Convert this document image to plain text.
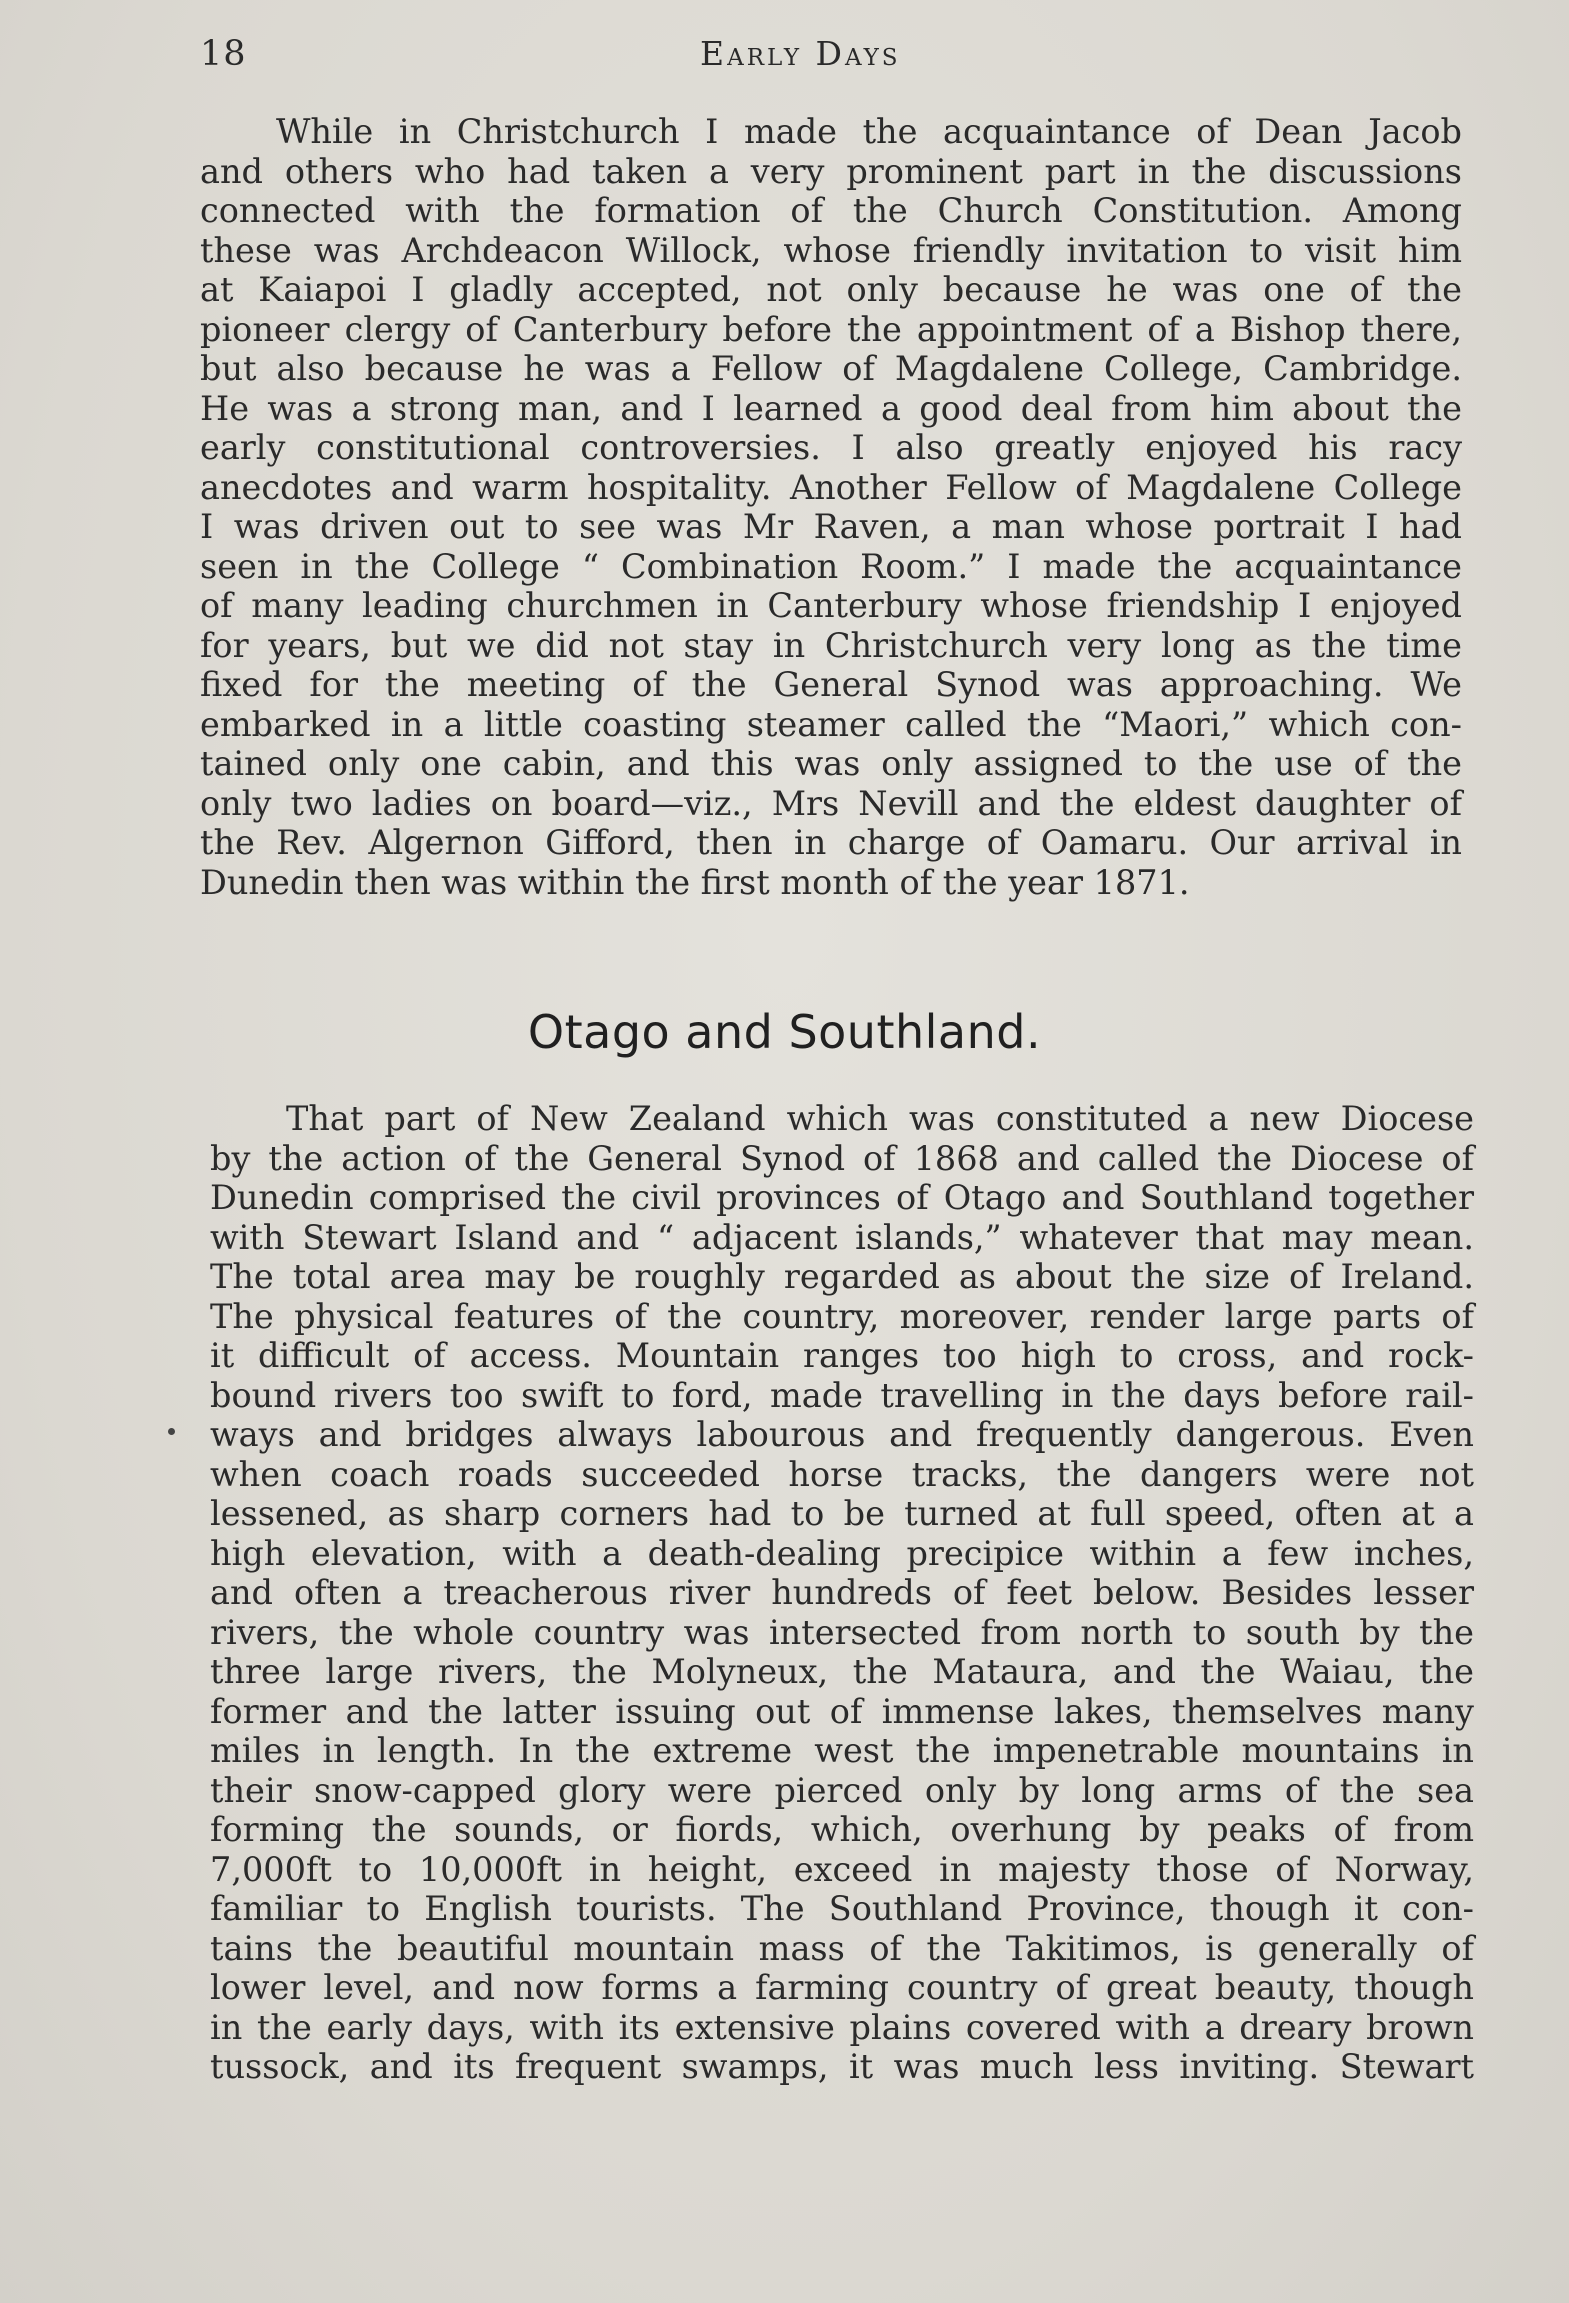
18	Early Days
While in Christchurch I made the acquaintance of Dean Jacob
and others who had taken a very prominent part in the discussions
connected with the formation of the Church Constitution. Among
these was Archdeacon Willock, whose friendly invitation to visit him
at Kaiapoi I gladly accepted, not only because he was one of the
pioneer clergy of Canterbury before the appointment of a Bishop there,
but also because he was a Fellow of Magdalene College, Cambridge.
He was a strong man, and I learned a good deal from him about the
early constitutional controversies. I also greatly enjoyed his racy
anecdotes and warm hospitality. Another Fellow of Magdalene College
I was driven out to see was Mr Raven, a man whose portrait I had
seen in the College “ Combination Room.” I made the acquaintance
of many leading churchmen in Canterbury whose friendship I enjoyed
for years, but we did not stay in Christchurch very long as the time
fixed for the meeting of the General Synod was approaching. We
embarked in a little coasting steamer called the “Maori,” which con-
tained only one cabin, and this was only assigned to the use of the
only two ladies on board—viz., Mrs Nevill and the eldest daughter of
the Rev. Algernon Gifford, then in charge of Oamaru. Our arrival in
Dunedin then was within the first month of the year 1871.
Otago and Southland.
That part of New Zealand which was constituted a new Diocese
by the action of the General Synod of 1868 and called the Diocese of
Dunedin comprised the civil provinces of Otago and Southland together
with Stewart Island and “ adjacent islands,” whatever that may mean.
The total area may be roughly regarded as about the size of Ireland.
The physical features of the country, moreover, render large parts of
it difficult of access. Mountain ranges too high to cross, and rock-
bound rivers too swift to ford, made travelling in the days before rail-
ways and bridges always labourous and frequently dangerous. Even
when coach roads succeeded horse tracks, the dangers were not
lessened, as sharp corners had to be turned at full speed, often at a
high elevation, with a death-dealing precipice within a few inches,
and often a treacherous river hundreds of feet below. Besides lesser
rivers, the whole country was intersected from north to south by the
three large rivers, the Molyneux, the Mataura, and the Waiau, the
former and the latter issuing out of immense lakes, themselves many
miles in length. In the extreme west the impenetrable mountains in
their snow-capped glory were pierced only by long arms of the sea
forming the sounds, or fiords, which, overhung by peaks of from
7,000ft to 10,000ft in height, exceed in majesty those of Norway,
familiar to English tourists. The Southland Province, though it con-
tains the beautiful mountain mass of the Takitimos, is generally of
lower level, and now forms a farming country of great beauty, though
in the early days, with its extensive plains covered with a dreary brown
tussock, and its frequent swamps, it was much less inviting. Stewart
